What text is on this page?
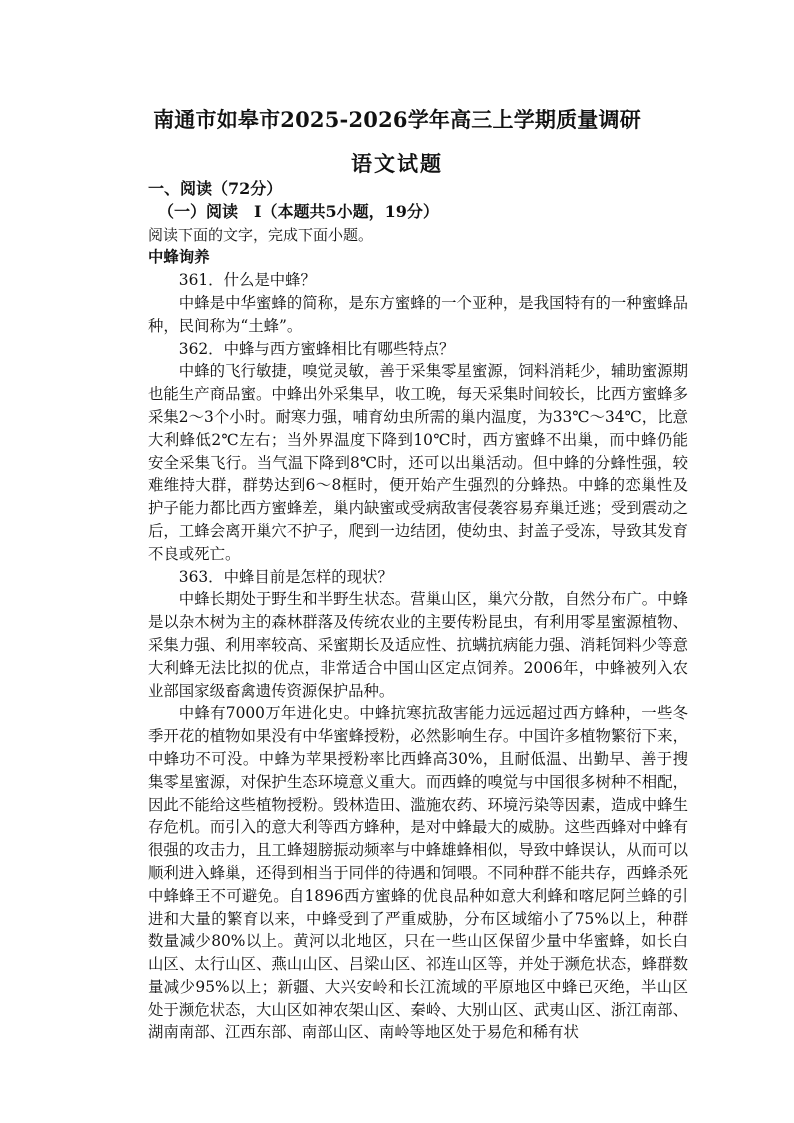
南通市如皋市2025-2026学年高三上学期质量调研
语文试题

一、阅读（72分）

（一）阅读　Ⅰ（本题共5小题，19分）

阅读下面的文字，完成下面小题。

中蜂询养

361．什么是中蜂？

中蜂是中华蜜蜂的简称，是东方蜜蜂的一个亚种，是我国特有的一种蜜蜂品种，民间称为“土蜂”。

362．中蜂与西方蜜蜂相比有哪些特点？

中蜂的飞行敏捷，嗅觉灵敏，善于采集零星蜜源，饲料消耗少，辅助蜜源期也能生产商品蜜。中蜂出外采集早，收工晚，每天采集时间较长，比西方蜜蜂多采集2～3个小时。耐寒力强，哺育幼虫所需的巢内温度，为33℃～34℃，比意大利蜂低2℃左右；当外界温度下降到10℃时，西方蜜蜂不出巢，而中蜂仍能安全采集飞行。当气温下降到8℃时，还可以出巢活动。但中蜂的分蜂性强，较难维持大群，群势达到6～8框时，便开始产生强烈的分蜂热。中蜂的恋巢性及护子能力都比西方蜜蜂差，巢内缺蜜或受病敌害侵袭容易弃巢迁逃；受到震动之后，工蜂会离开巢穴不护子，爬到一边结团，使幼虫、封盖子受冻，导致其发育不良或死亡。

363．中蜂目前是怎样的现状？

中蜂长期处于野生和半野生状态。营巢山区，巢穴分散，自然分布广。中蜂是以杂木树为主的森林群落及传统农业的主要传粉昆虫，有利用零星蜜源植物、采集力强、利用率较高、采蜜期长及适应性、抗螨抗病能力强、消耗饲料少等意大利蜂无法比拟的优点，非常适合中国山区定点饲养。2006年，中蜂被列入农业部国家级畜禽遗传资源保护品种。

中蜂有7000万年进化史。中蜂抗寒抗敌害能力远远超过西方蜂种，一些冬季开花的植物如果没有中华蜜蜂授粉，必然影响生存。中国许多植物繁衍下来，中蜂功不可没。中蜂为苹果授粉率比西蜂高30%，且耐低温、出勤早、善于搜集零星蜜源，对保护生态环境意义重大。而西蜂的嗅觉与中国很多树种不相配，因此不能给这些植物授粉。毁林造田、滥施农药、环境污染等因素，造成中蜂生存危机。而引入的意大利等西方蜂种，是对中蜂最大的威胁。这些西蜂对中蜂有很强的攻击力，且工蜂翅膀振动频率与中蜂雄蜂相似，导致中蜂误认，从而可以顺利进入蜂巢，还得到相当于同伴的待遇和饲喂。不同种群不能共存，西蜂杀死中蜂蜂王不可避免。自1896西方蜜蜂的优良品种如意大利蜂和喀尼阿兰蜂的引进和大量的繁育以来，中蜂受到了严重威胁，分布区域缩小了75%以上，种群数量减少80%以上。黄河以北地区，只在一些山区保留少量中华蜜蜂，如长白山区、太行山区、燕山山区、吕梁山区、祁连山区等，并处于濒危状态，蜂群数量减少95%以上；新疆、大兴安岭和长江流域的平原地区中蜂已灭绝，半山区处于濒危状态，大山区如神农架山区、秦岭、大别山区、武夷山区、浙江南部、湖南南部、江西东部、南部山区、南岭等地区处于易危和稀有状
